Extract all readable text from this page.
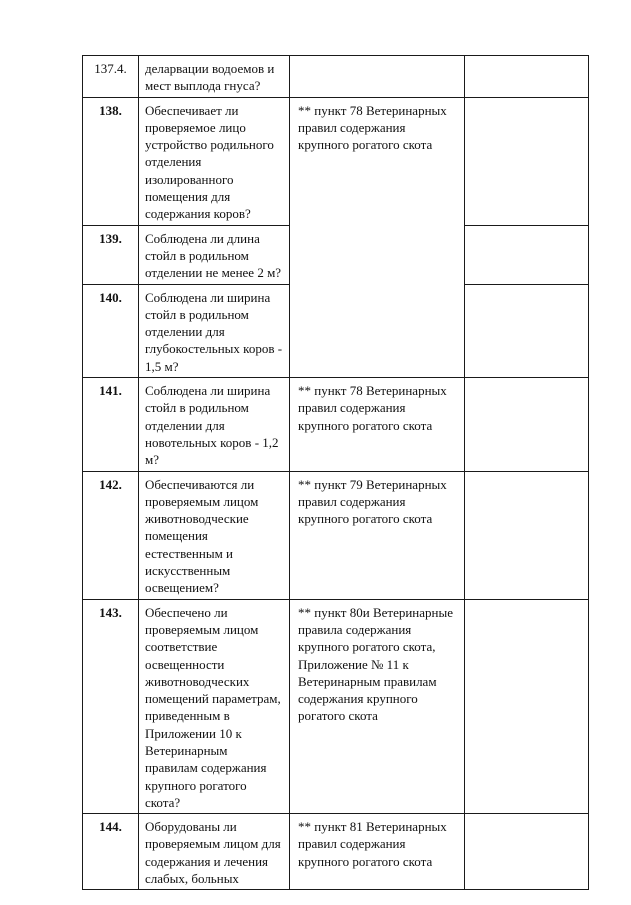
137.4.	деларвации водоемов и мест выплода гнуса?		

138.	Обеспечивает ли проверяемое лицо устройство родильного отделения изолированного помещения для содержания коров?	** пункт 78 Ветеринарных правил содержания крупного рогатого скота	

139.	Соблюдена ли длина стойл в родильном отделении не менее 2 м?		

140.	Соблюдена ли ширина стойл в родильном отделении для глубокостельных коров - 1,5 м?		

141.	Соблюдена ли ширина стойл в родильном отделении для новотельных коров - 1,2 м?	** пункт 78 Ветеринарных правил содержания крупного рогатого скота	

142.	Обеспечиваются ли проверяемым лицом животноводческие помещения естественным и искусственным освещением?	** пункт 79 Ветеринарных правил содержания крупного рогатого скота	

143.	Обеспечено ли проверяемым лицом соответствие освещенности животноводческих помещений параметрам, приведенным в Приложении 10 к Ветеринарным правилам содержания крупного рогатого скота?	** пункт 80и Ветеринарные правила содержания крупного рогатого скота, Приложение № 11 к Ветеринарным правилам содержания крупного рогатого скота	

144.	Оборудованы ли проверяемым лицом для содержания и лечения слабых, больных	** пункт 81 Ветеринарных правил содержания крупного рогатого скота	
